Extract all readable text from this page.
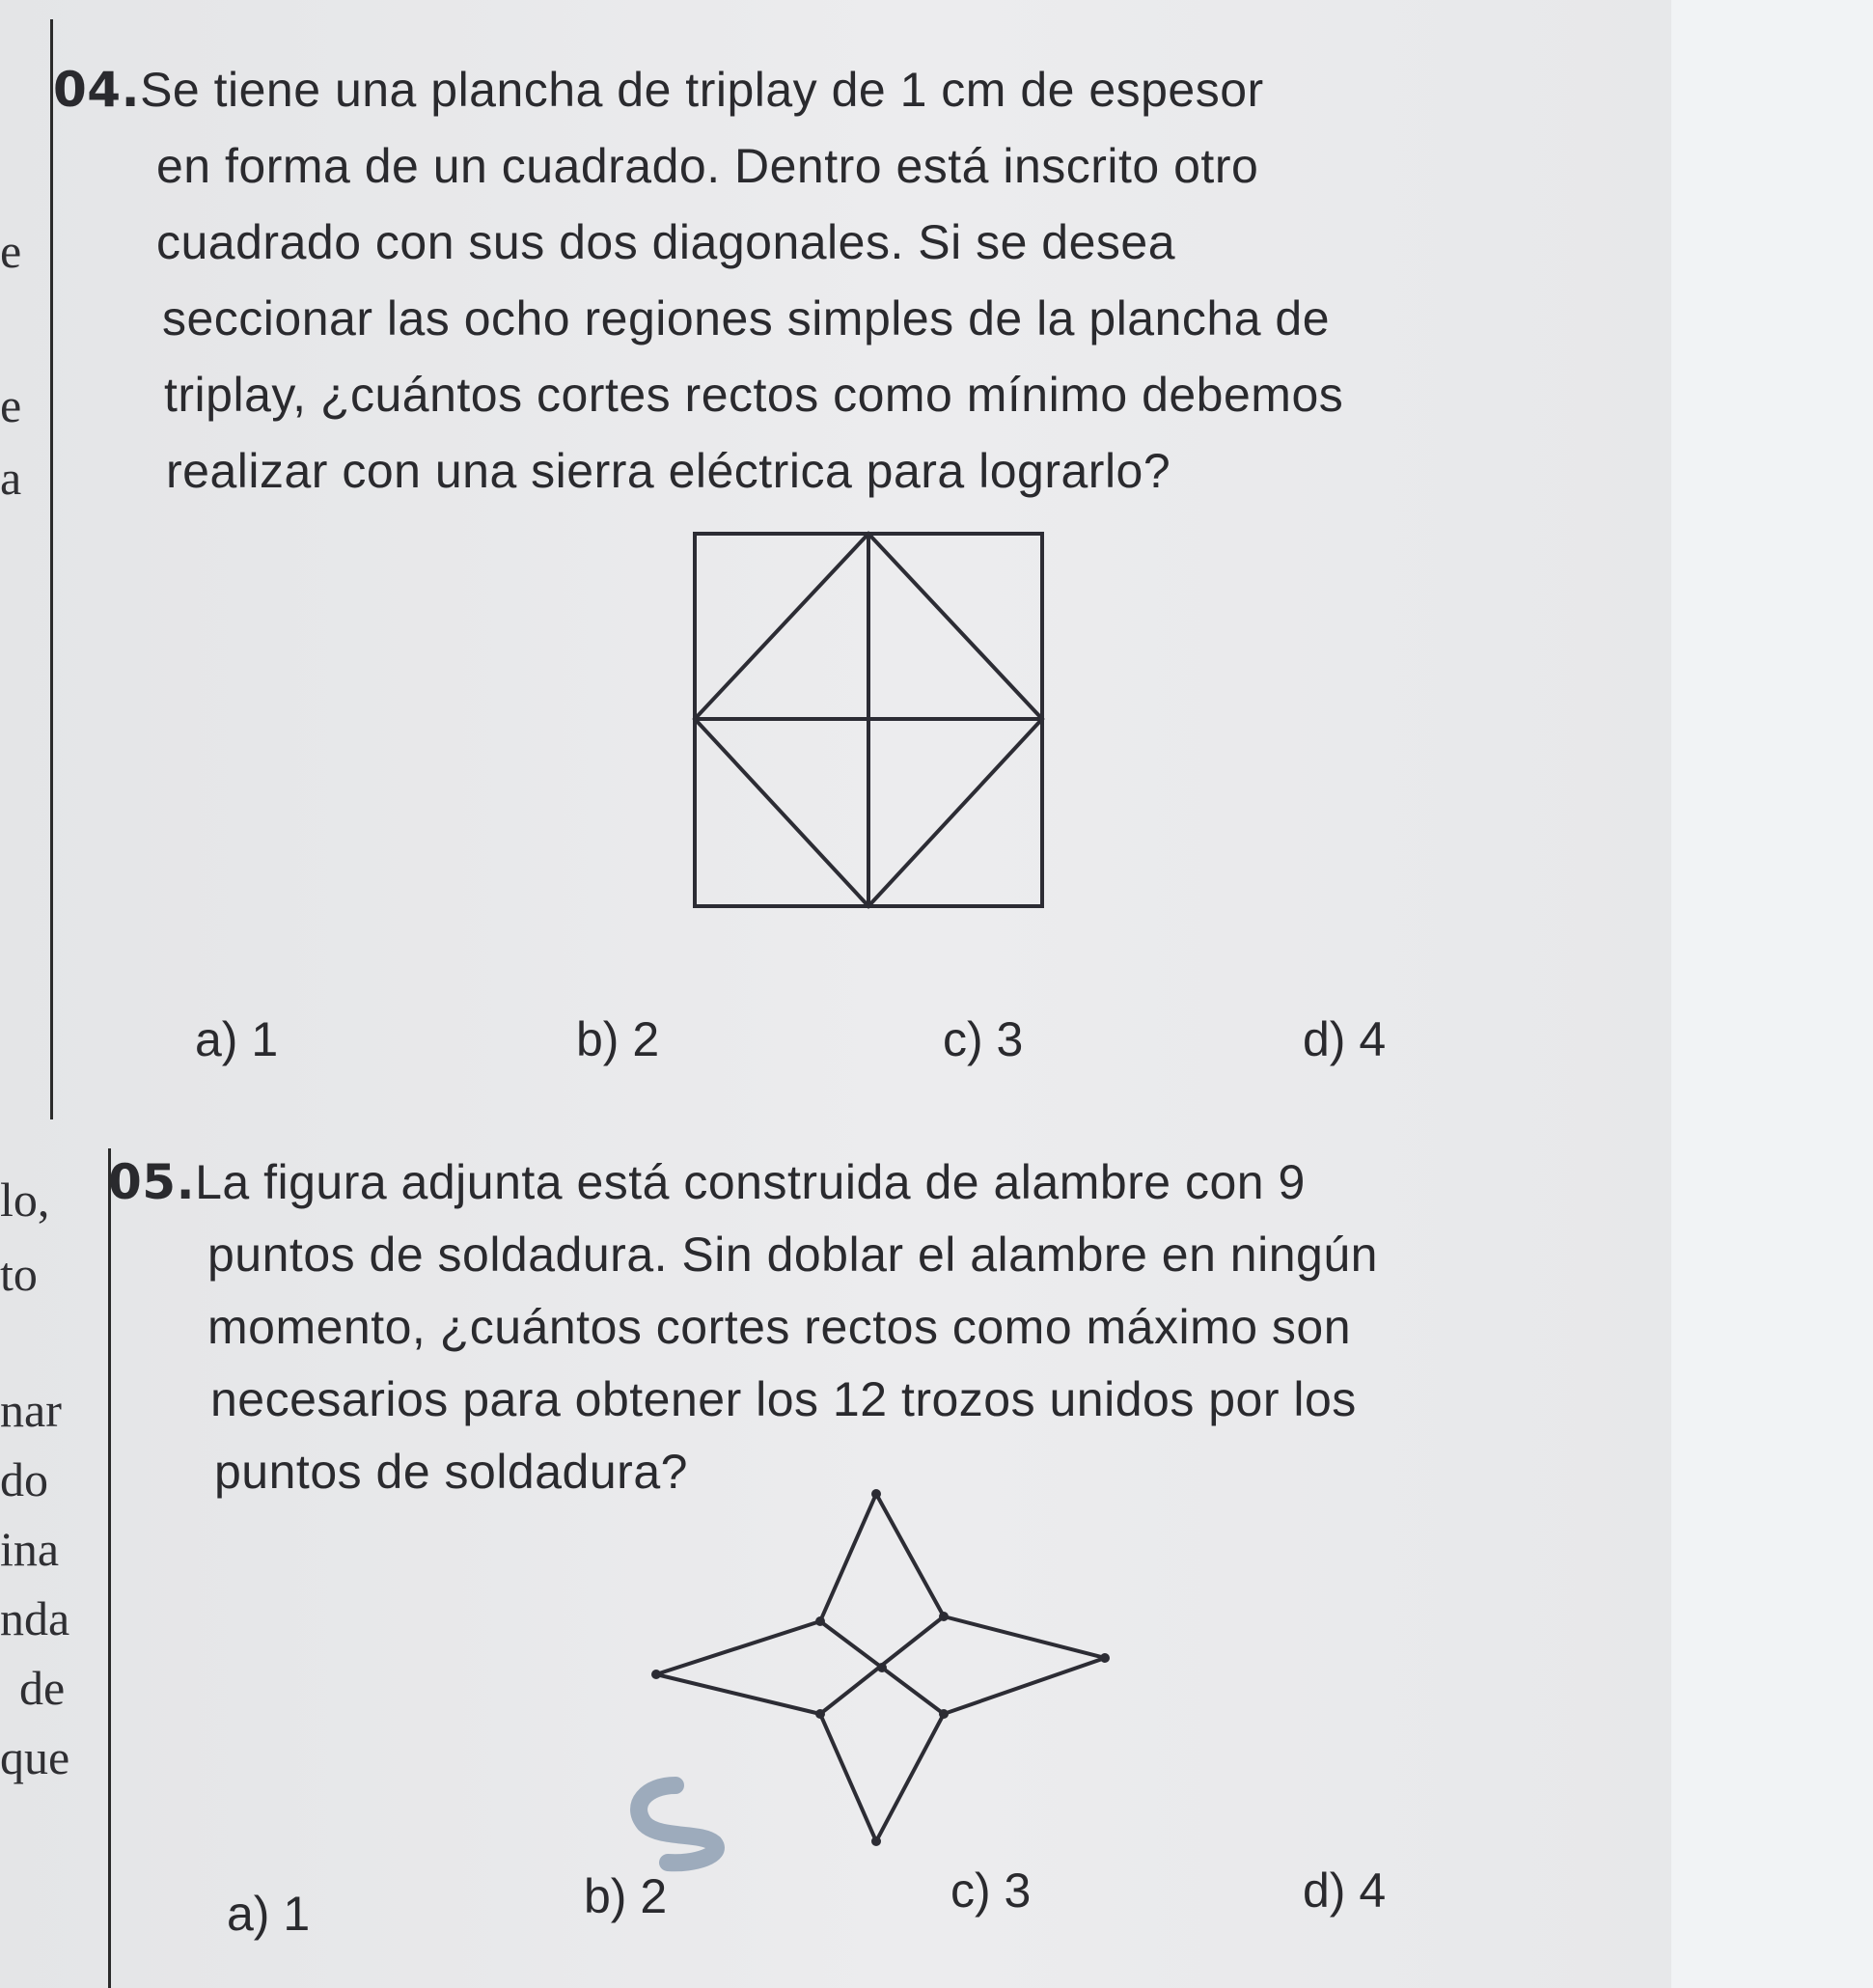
e
e
a
lo,
to
nar
do
ina
nda
de
que
04.Se tiene una plancha de triplay de 1 cm de espesor
en forma de un cuadrado. Dentro está inscrito otro
cuadrado con sus dos diagonales. Si se desea
seccionar las ocho regiones simples de la plancha de
triplay, ¿cuántos cortes rectos como mínimo debemos
realizar con una sierra eléctrica para lograrlo?
a) 1	b) 2	c) 3	d) 4
05.La figura adjunta está construida de alambre con 9
puntos de soldadura. Sin doblar el alambre en ningún
momento, ¿cuántos cortes rectos como máximo son
necesarios para obtener los 12 trozos unidos por los
puntos de soldadura?
a) 1	b) 2	c) 3	d) 4
